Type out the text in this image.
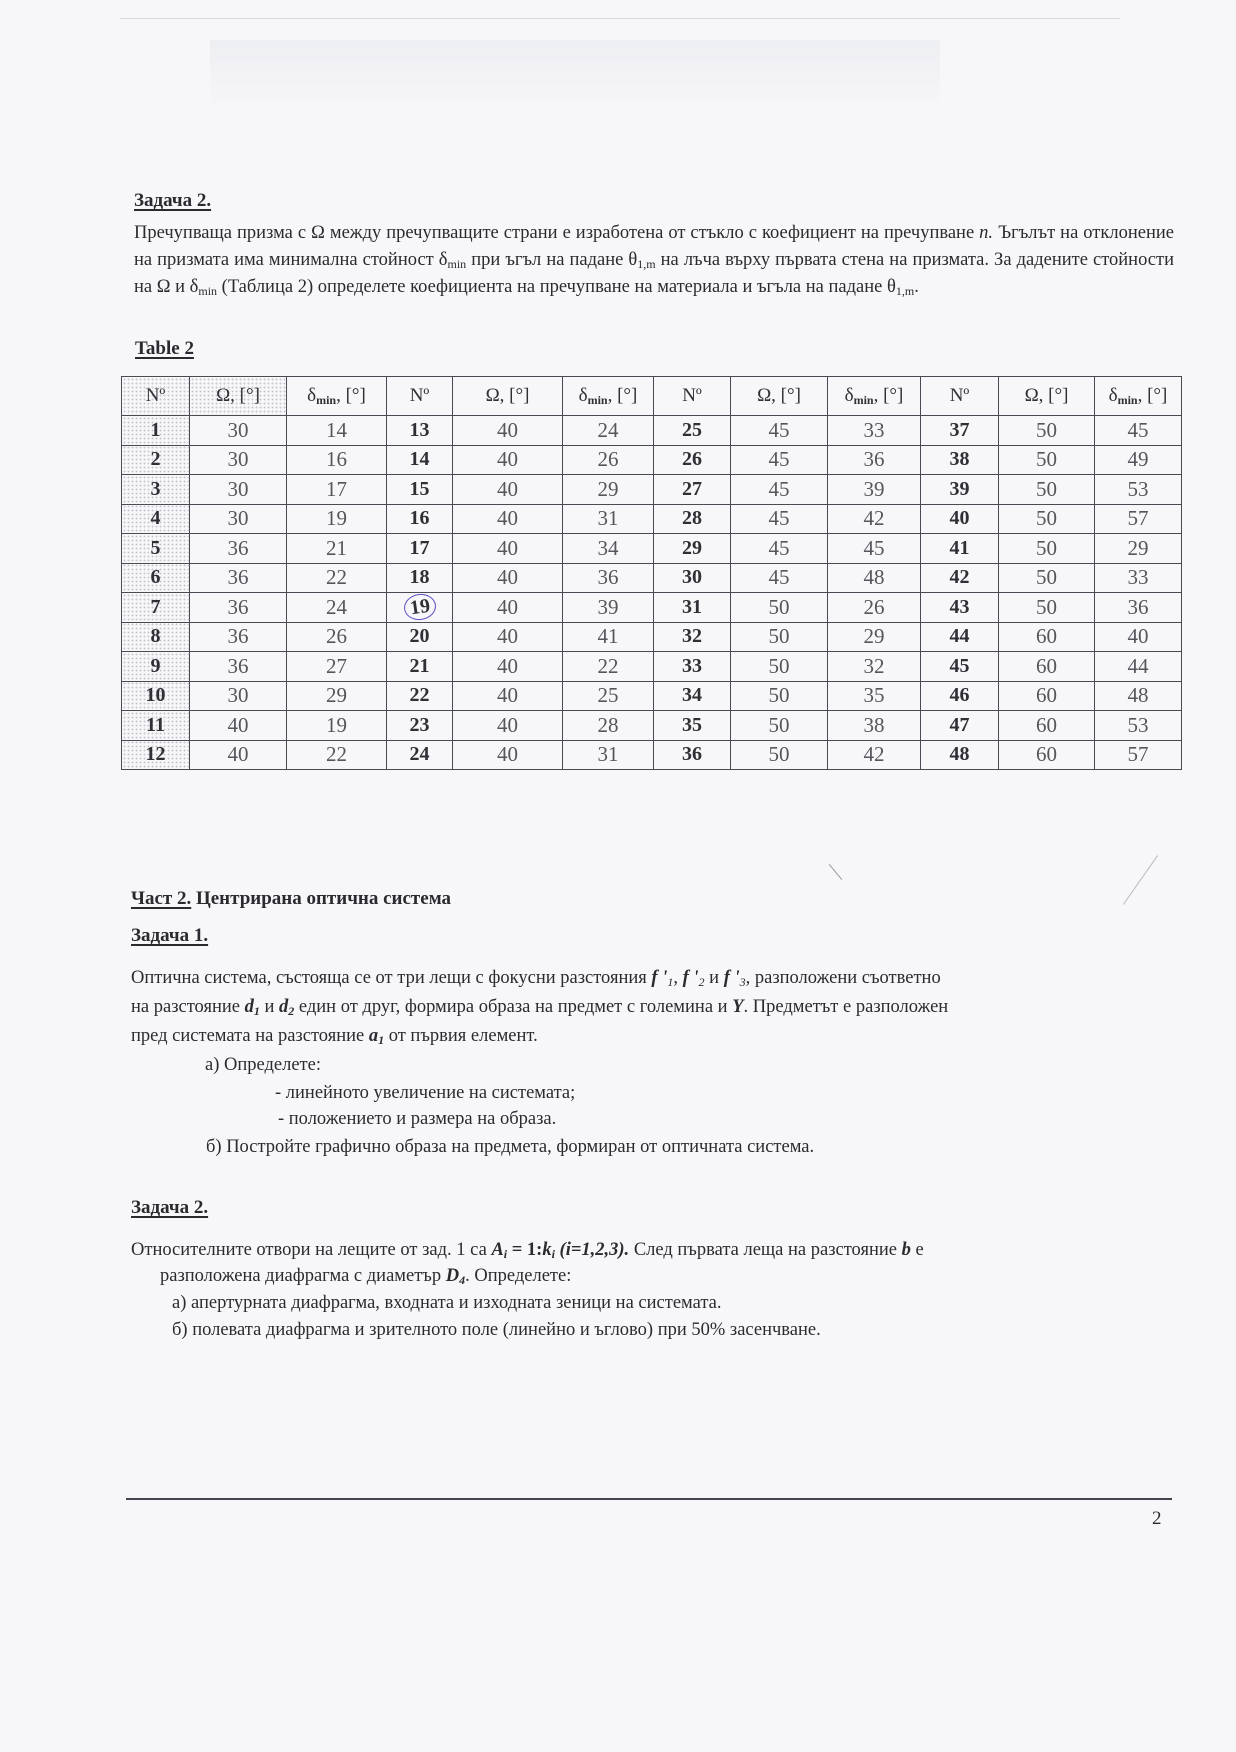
Задача 2.
Пречупваща призма с Ω между пречупващите страни е изработена от стъкло с коефициент на пречупване n. Ъгълът на отклонение на призмата има минимална стойност $\delta_{min}$ при ъгъл на падане $\theta_{1,m}$ на лъча върху първата стена на призмата. За дадените стойности на Ω и $\delta_{min}$ (Таблица 2) определете коефициента на пречупване на материала и ъгъла на падане $\theta_{1,m}$.
Table 2
Nº	Ω, [°]	$\delta_{min}$, [°]	Nº	Ω, [°]	$\delta_{min}$, [°]	Nº	Ω, [°]	$\delta_{min}$, [°]	Nº	Ω, [°]	$\delta_{min}$, [°]
1	30	14	13	40	24	25	45	33	37	50	45
2	30	16	14	40	26	26	45	36	38	50	49
3	30	17	15	40	29	27	45	39	39	50	53
4	30	19	16	40	31	28	45	42	40	50	57
5	36	21	17	40	34	29	45	45	41	50	29
6	36	22	18	40	36	30	45	48	42	50	33
7	36	24	19	40	39	31	50	26	43	50	36
8	36	26	20	40	41	32	50	29	44	60	40
9	36	27	21	40	22	33	50	32	45	60	44
10	30	29	22	40	25	34	50	35	46	60	48
11	40	19	23	40	28	35	50	38	47	60	53
12	40	22	24	40	31	36	50	42	48	60	57
Част 2. Центрирана оптична система
Задача 1.
Оптична система, състояща се от три лещи с фокусни разстояния f '$_1$, f '$_2$ и f '$_3$, разположени съответно
на разстояние $d_1$ и $d_2$ един от друг, формира образа на предмет с големина и Y. Предметът е разположен
пред системата на разстояние $a_1$ от първия елемент.
а) Определете:
- линейното увеличение на системата;
- положението и размера на образа.
б) Постройте графично образа на предмета, формиран от оптичната система.
Задача 2.
Относителните отвори на лещите от зад. 1 са $A_i$ = $1:k_i$ (i=1,2,3). След първата леща на разстояние b е
разположена диафрагма с диаметър $D_4$. Определете:
а) апертурната диафрагма, входната и изходната зеници на системата.
б) полевата диафрагма и зрителното поле (линейно и ъглово) при 50% засенчване.
2
